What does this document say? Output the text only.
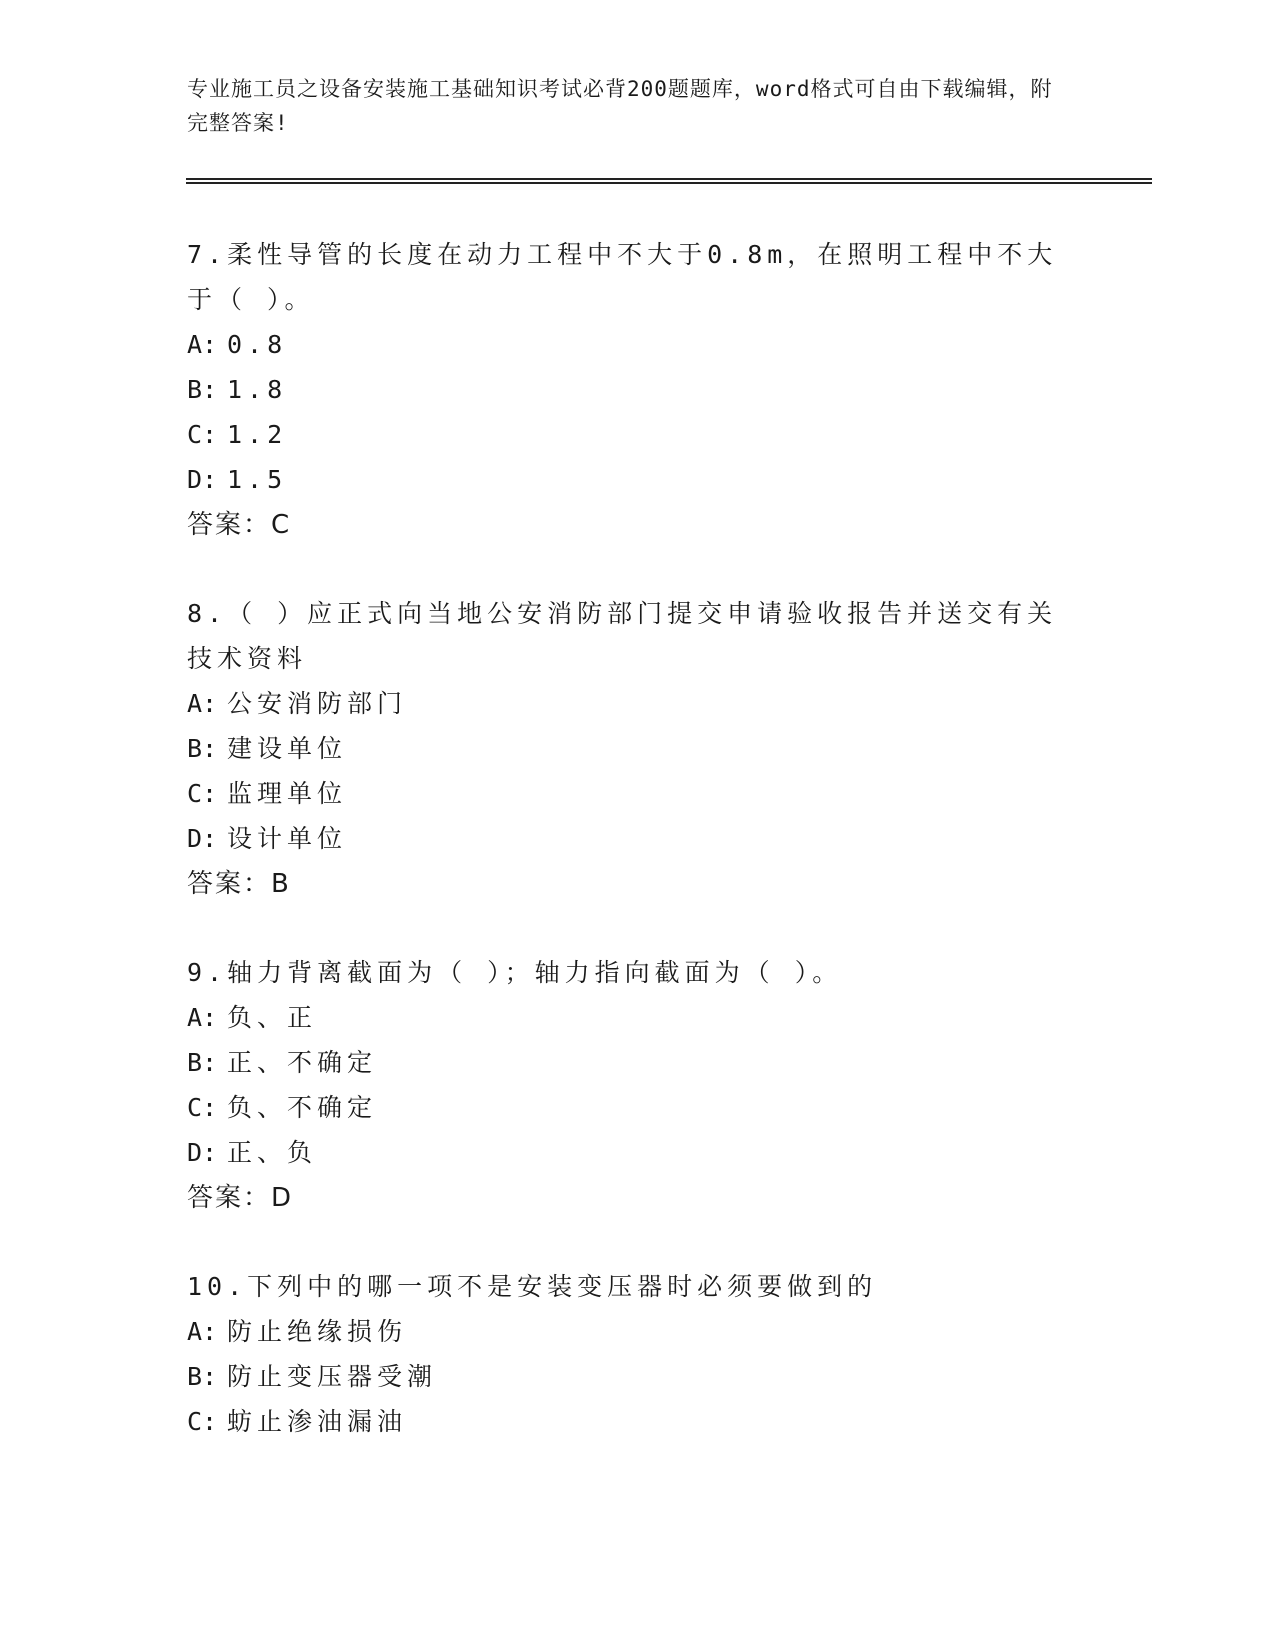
专业施工员之设备安装施工基础知识考试必背200题题库，word格式可自由下载编辑，附完整答案!
7.柔性导管的长度在动力工程中不大于0.8m，在照明工程中不大于（ ）。
A: 0.8
B: 1.8
C: 1.2
D: 1.5
答案：C
8.（ ）应正式向当地公安消防部门提交申请验收报告并送交有关技术资料
A: 公安消防部门
B: 建设单位
C: 监理单位
D: 设计单位
答案：B
9.轴力背离截面为（ ）；轴力指向截面为（ ）。
A: 负、正
B: 正、不确定
C: 负、不确定
D: 正、负
答案：D
10.下列中的哪一项不是安装变压器时必须要做到的
A: 防止绝缘损伤
B: 防止变压器受潮
C: 蚄止渗油漏油
